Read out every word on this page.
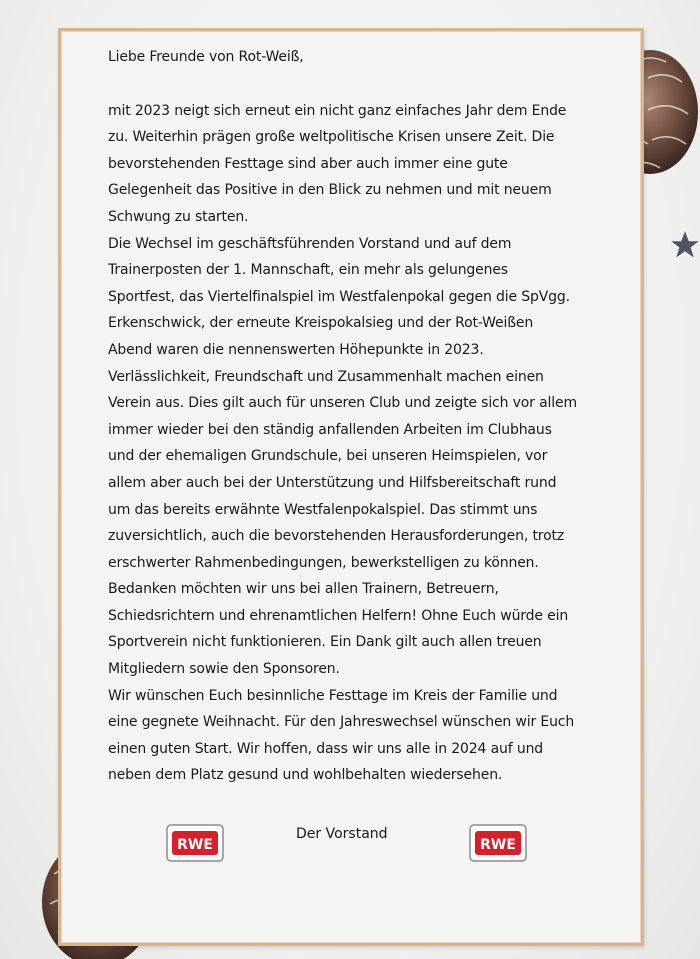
Liebe Freunde von Rot-Weiß,

mit 2023 neigt sich erneut ein nicht ganz einfaches Jahr dem Ende zu. Weiterhin prägen große weltpolitische Krisen unsere Zeit. Die bevorstehenden Festtage sind aber auch immer eine gute Gelegenheit das Positive in den Blick zu nehmen und mit neuem Schwung zu starten.

Die Wechsel im geschäftsführenden Vorstand und auf dem Trainerposten der 1. Mannschaft, ein mehr als gelungenes Sportfest, das Viertelfinalspiel im Westfalenpokal gegen die SpVgg. Erkenschwick, der erneute Kreispokalsieg und der Rot-Weißen Abend waren die nennenswerten Höhepunkte in 2023. Verlässlichkeit, Freundschaft und Zusammenhalt machen einen Verein aus. Dies gilt auch für unseren Club und zeigte sich vor allem immer wieder bei den ständig anfallenden Arbeiten im Clubhaus und der ehemaligen Grundschule, bei unseren Heimspielen, vor allem aber auch bei der Unterstützung und Hilfsbereitschaft rund um das bereits erwähnte Westfalenpokalspiel. Das stimmt uns zuversichtlich, auch die bevorstehenden Herausforderungen, trotz erschwerter Rahmenbedingungen, bewerkstelligen zu können.

Bedanken möchten wir uns bei allen Trainern, Betreuern, Schiedsrichtern und ehrenamtlichen Helfern! Ohne Euch würde ein Sportverein nicht funktionieren. Ein Dank gilt auch allen treuen Mitgliedern sowie den Sponsoren.

Wir wünschen Euch besinnliche Festtage im Kreis der Familie und eine gegnete Weihnacht. Für den Jahreswechsel wünschen wir Euch einen guten Start. Wir hoffen, dass wir uns alle in 2024 auf und neben dem Platz gesund und wohlbehalten wiedersehen.

RWE
Der Vorstand
RWE
